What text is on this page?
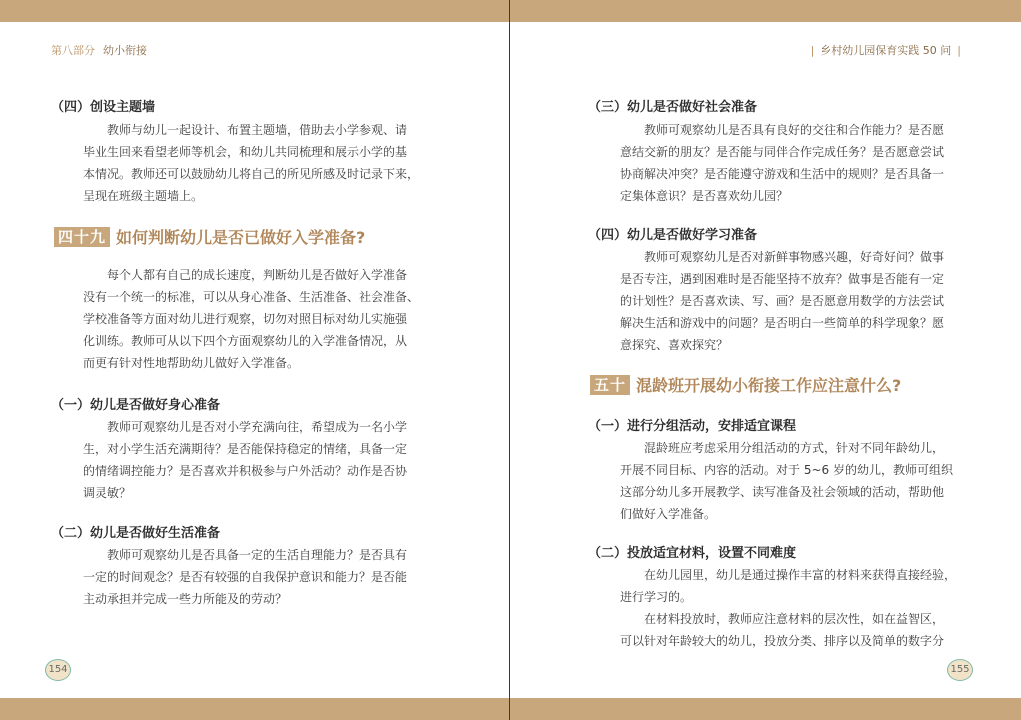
第八部分 幼小衔接
（四）创设主题墙
教师与幼儿一起设计、布置主题墙，借助去小学参观、请
毕业生回来看望老师等机会，和幼儿共同梳理和展示小学的基
本情况。教师还可以鼓励幼儿将自己的所见所感及时记录下来，
呈现在班级主题墙上。
四十九 如何判断幼儿是否已做好入学准备?
每个人都有自己的成长速度，判断幼儿是否做好入学准备
没有一个统一的标准，可以从身心准备、生活准备、社会准备、
学校准备等方面对幼儿进行观察，切勿对照目标对幼儿实施强
化训练。教师可从以下四个方面观察幼儿的入学准备情况，从
而更有针对性地帮助幼儿做好入学准备。
（一）幼儿是否做好身心准备
教师可观察幼儿是否对小学充满向往，希望成为一名小学
生，对小学生活充满期待？是否能保持稳定的情绪，具备一定
的情绪调控能力？是否喜欢并积极参与户外活动？动作是否协
调灵敏？
（二）幼儿是否做好生活准备
教师可观察幼儿是否具备一定的生活自理能力？是否具有
一定的时间观念？是否有较强的自我保护意识和能力？是否能
主动承担并完成一些力所能及的劳动？
154
| 乡村幼儿园保育实践 50 问 |
（三）幼儿是否做好社会准备
教师可观察幼儿是否具有良好的交往和合作能力？是否愿
意结交新的朋友？是否能与同伴合作完成任务？是否愿意尝试
协商解决冲突？是否能遵守游戏和生活中的规则？是否具备一
定集体意识？是否喜欢幼儿园？
（四）幼儿是否做好学习准备
教师可观察幼儿是否对新鲜事物感兴趣，好奇好问？做事
是否专注，遇到困难时是否能坚持不放弃？做事是否能有一定
的计划性？是否喜欢读、写、画？是否愿意用数学的方法尝试
解决生活和游戏中的问题？是否明白一些简单的科学现象？愿
意探究、喜欢探究？
五十 混龄班开展幼小衔接工作应注意什么?
（一）进行分组活动，安排适宜课程
混龄班应考虑采用分组活动的方式，针对不同年龄幼儿，
开展不同目标、内容的活动。对于 5~6 岁的幼儿，教师可组织
这部分幼儿多开展教学、读写准备及社会领域的活动，帮助他
们做好入学准备。
（二）投放适宜材料，设置不同难度
在幼儿园里，幼儿是通过操作丰富的材料来获得直接经验，
进行学习的。
在材料投放时，教师应注意材料的层次性，如在益智区，
可以针对年龄较大的幼儿，投放分类、排序以及简单的数字分
155
